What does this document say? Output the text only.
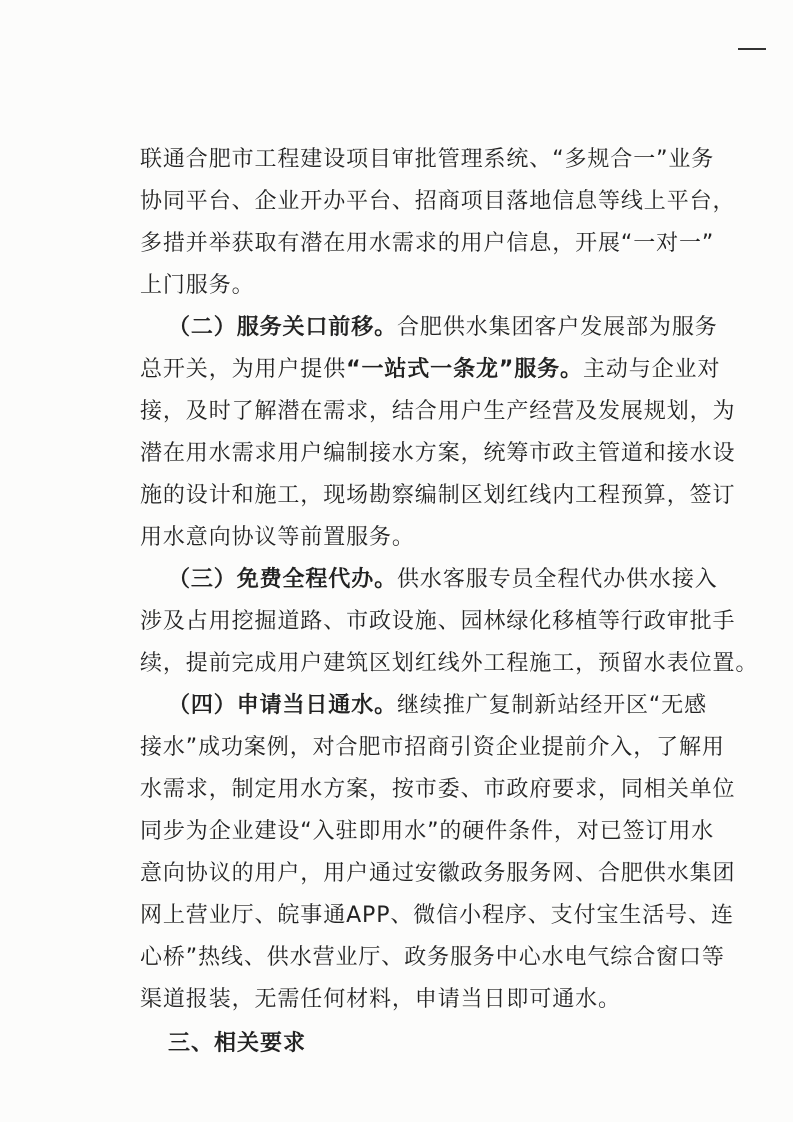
联通合肥市工程建设项目审批管理系统、“多规合一”业务
协同平台、企业开办平台、招商项目落地信息等线上平台，
多措并举获取有潜在用水需求的用户信息，开展“一对一”
上门服务。
（二）服务关口前移。合肥供水集团客户发展部为服务
总开关，为用户提供“一站式一条龙”服务。主动与企业对
接，及时了解潜在需求，结合用户生产经营及发展规划，为
潜在用水需求用户编制接水方案，统筹市政主管道和接水设
施的设计和施工，现场勘察编制区划红线内工程预算，签订
用水意向协议等前置服务。
（三）免费全程代办。供水客服专员全程代办供水接入
涉及占用挖掘道路、市政设施、园林绿化移植等行政审批手
续，提前完成用户建筑区划红线外工程施工，预留水表位置。
（四）申请当日通水。继续推广复制新站经开区“无感
接水”成功案例，对合肥市招商引资企业提前介入，了解用
水需求，制定用水方案，按市委、市政府要求，同相关单位
同步为企业建设“入驻即用水”的硬件条件，对已签订用水
意向协议的用户，用户通过安徽政务服务网、合肥供水集团
网上营业厅、皖事通APP、微信小程序、支付宝生活号、连
心桥”热线、供水营业厅、政务服务中心水电气综合窗口等
渠道报装，无需任何材料，申请当日即可通水。
三、相关要求
